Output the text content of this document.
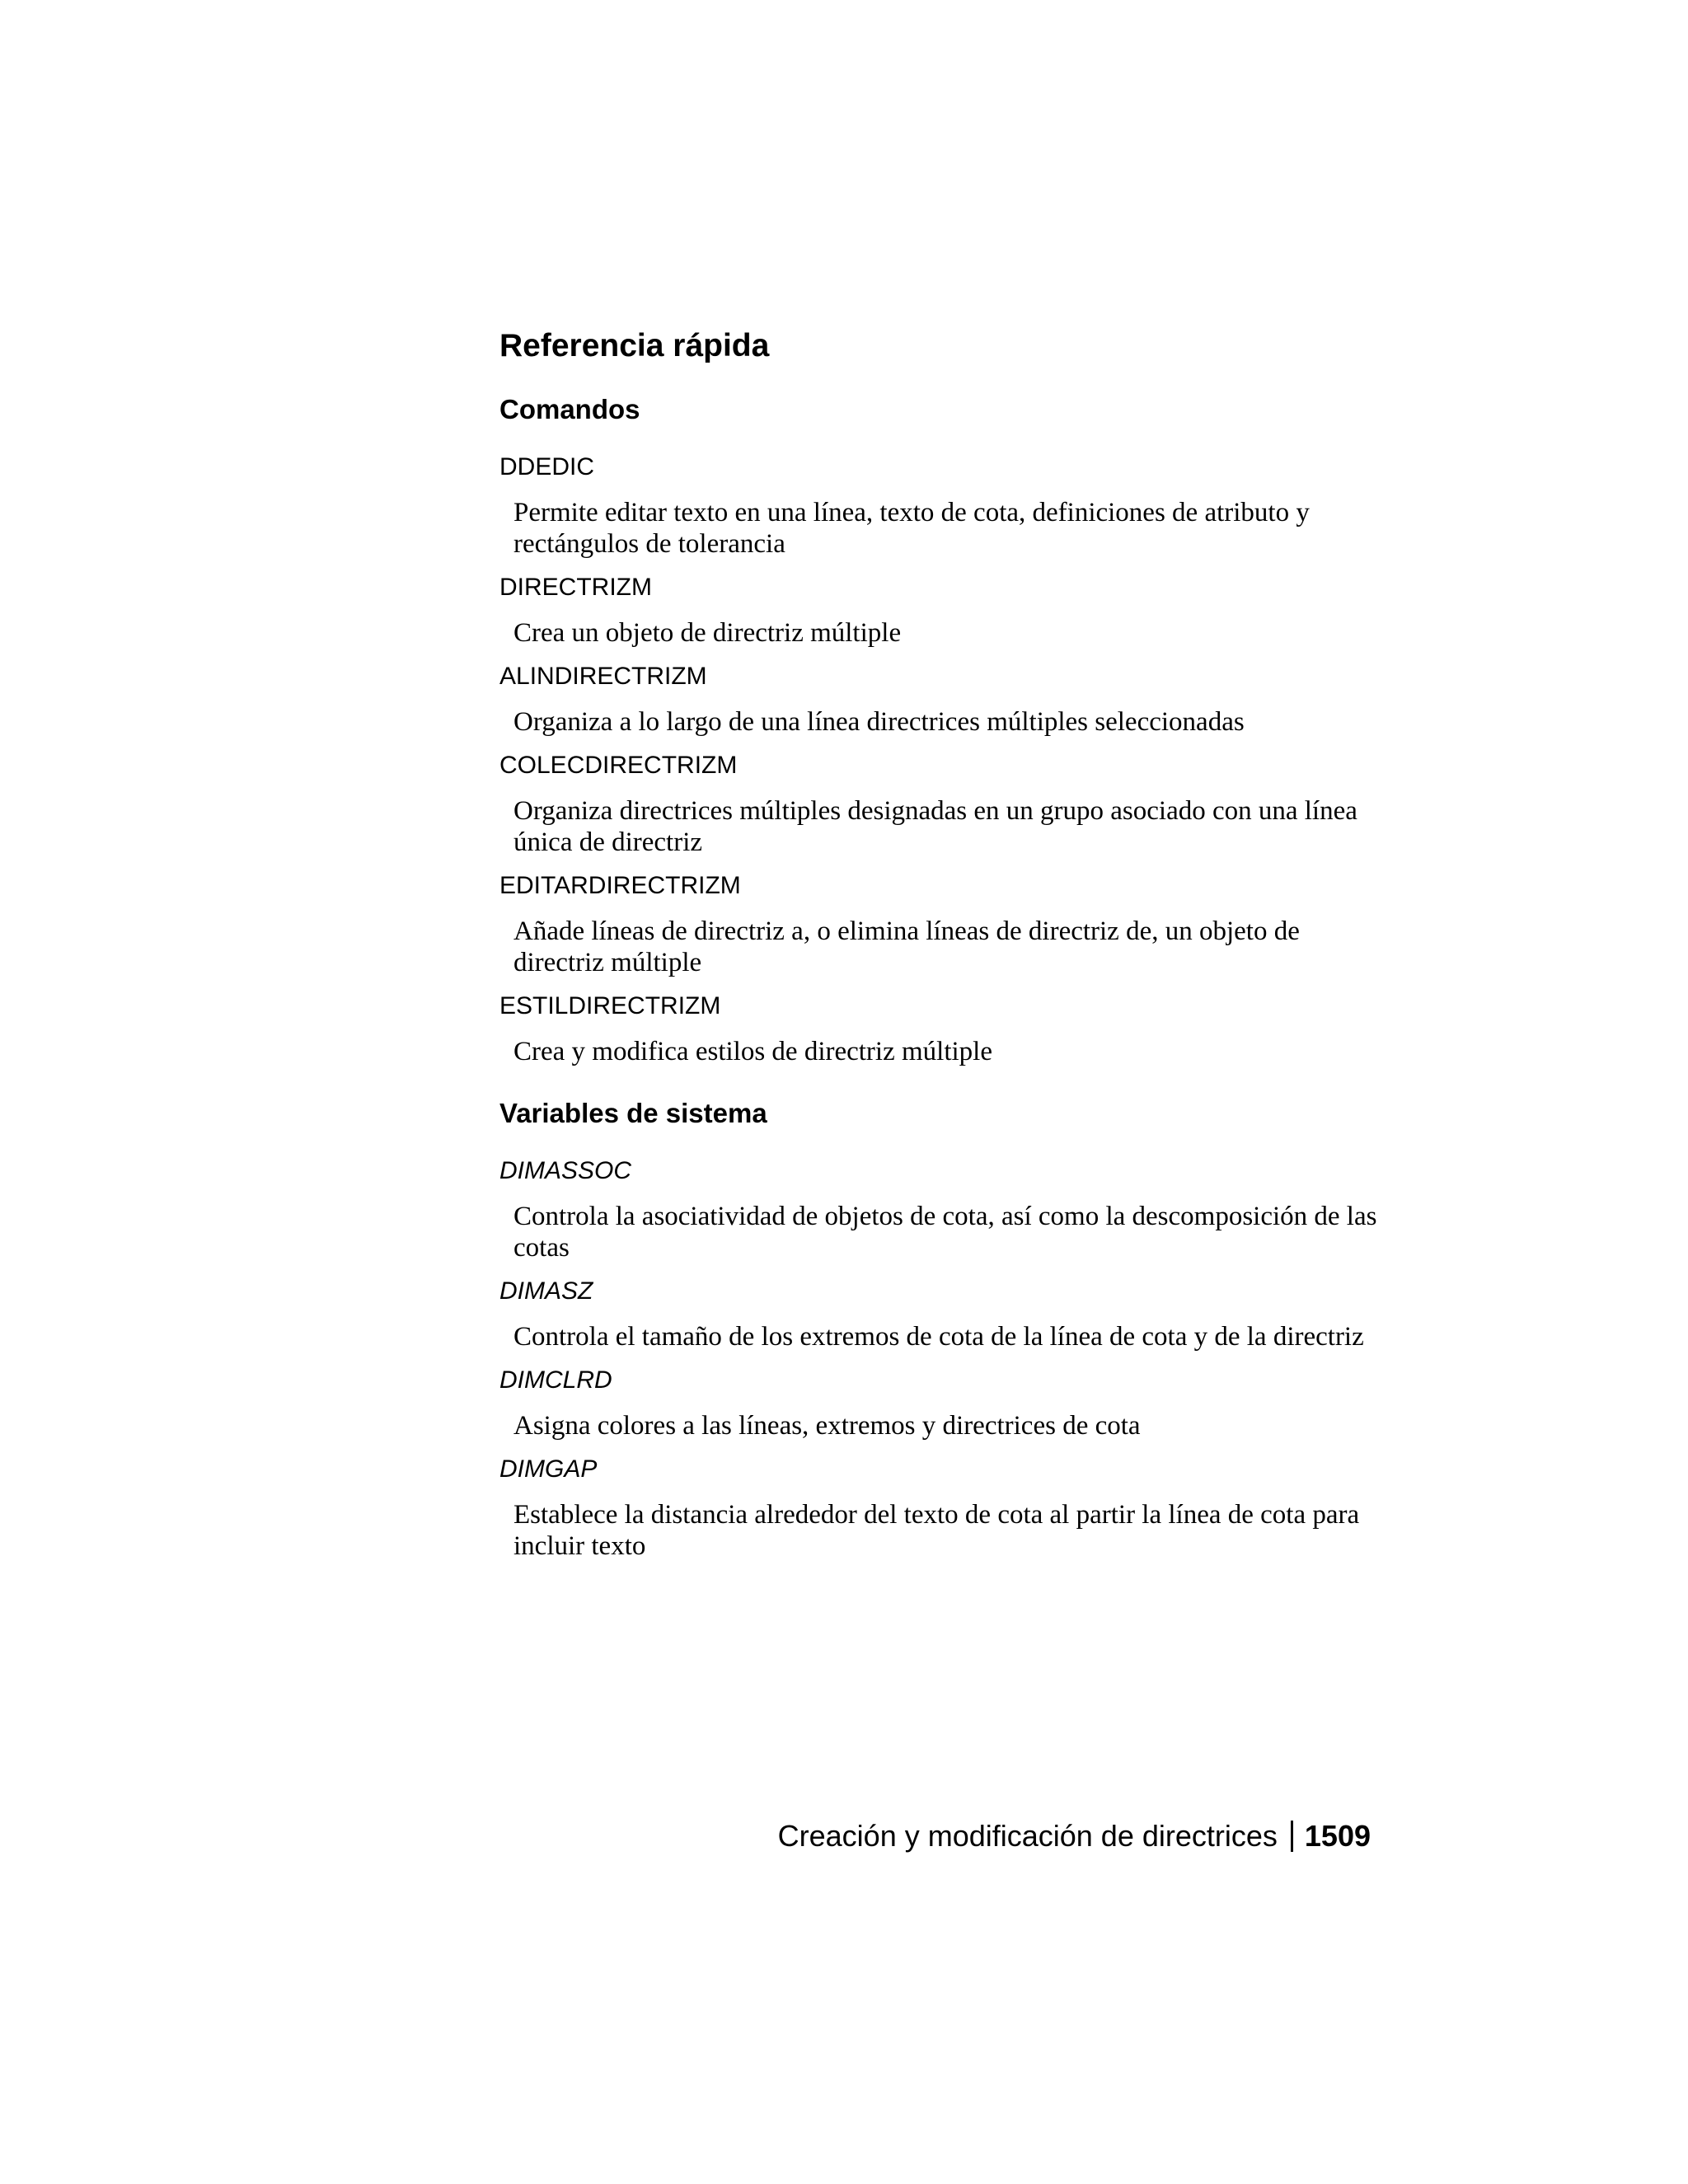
Referencia rápida
Comandos
DDEDIC
Permite editar texto en una línea, texto de cota, definiciones de atributo y rectángulos de tolerancia
DIRECTRIZM
Crea un objeto de directriz múltiple
ALINDIRECTRIZM
Organiza a lo largo de una línea directrices múltiples seleccionadas
COLECDIRECTRIZM
Organiza directrices múltiples designadas en un grupo asociado con una línea única de directriz
EDITARDIRECTRIZM
Añade líneas de directriz a, o elimina líneas de directriz de, un objeto de directriz múltiple
ESTILDIRECTRIZM
Crea y modifica estilos de directriz múltiple
Variables de sistema
DIMASSOC
Controla la asociatividad de objetos de cota, así como la descomposición de las cotas
DIMASZ
Controla el tamaño de los extremos de cota de la línea de cota y de la directriz
DIMCLRD
Asigna colores a las líneas, extremos y directrices de cota
DIMGAP
Establece la distancia alrededor del texto de cota al partir la línea de cota para incluir texto
Creación y modificación de directrices 1509
